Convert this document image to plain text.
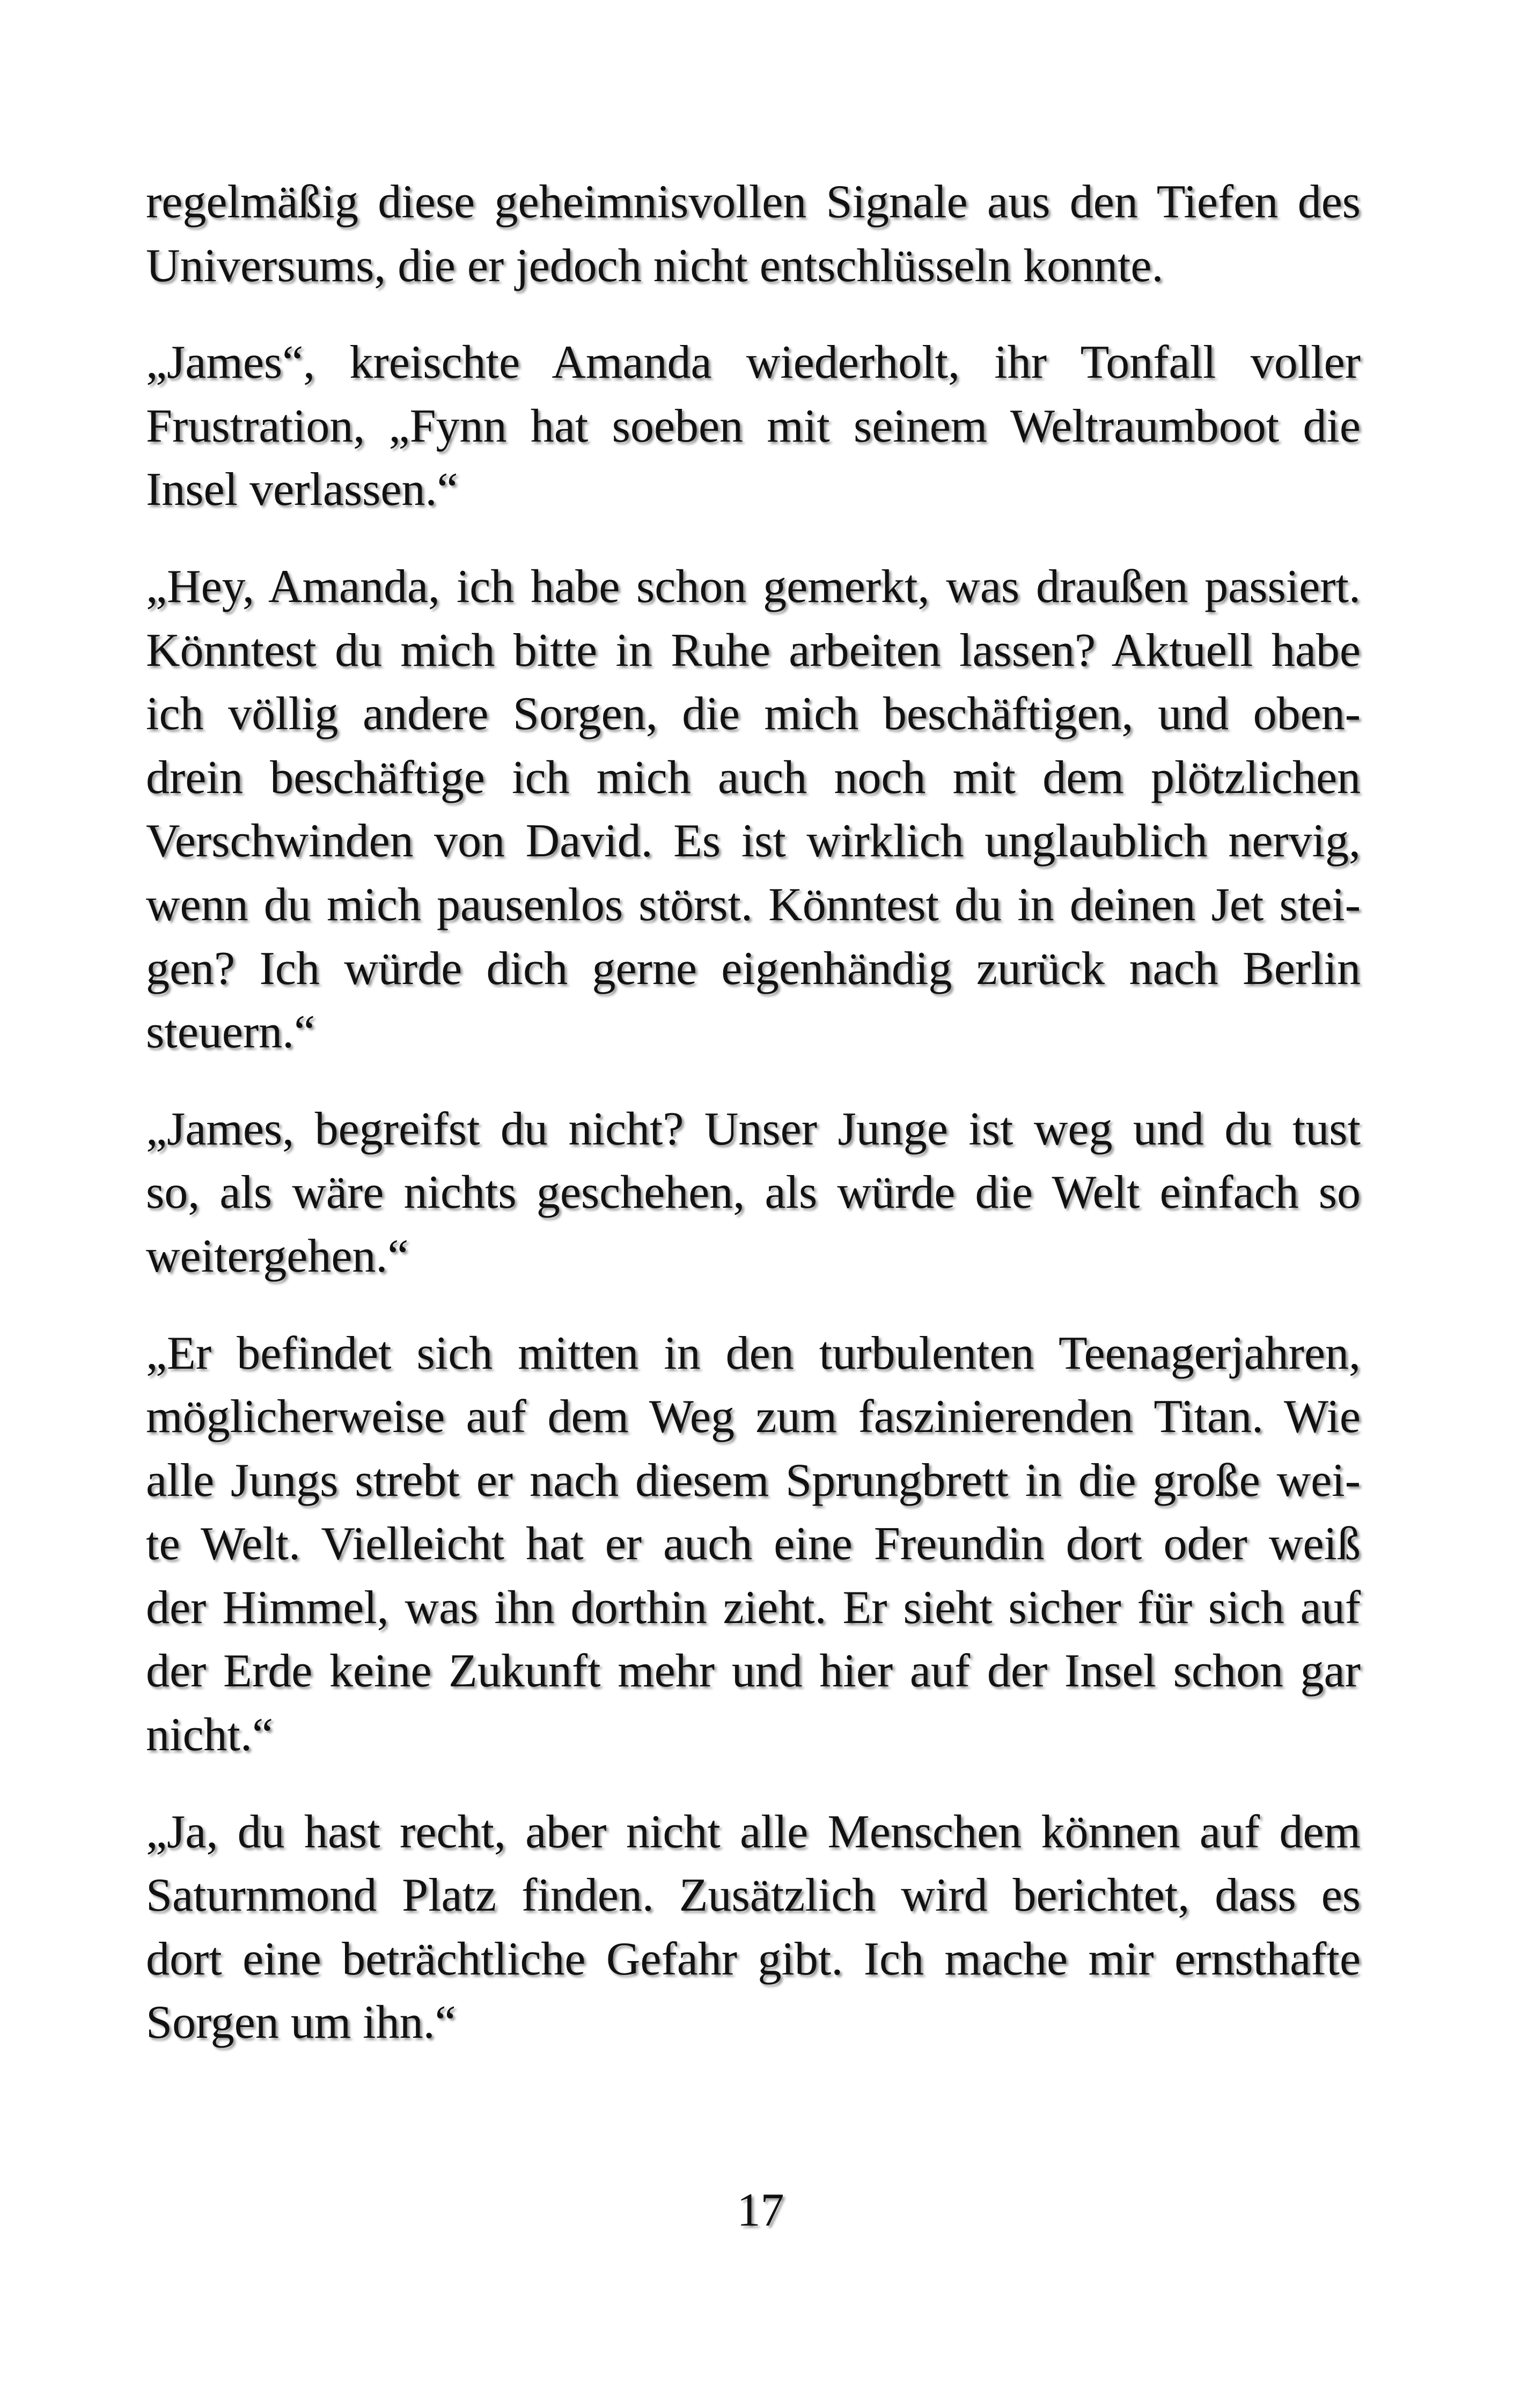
regelmäßig diese geheimnisvollen Signale aus den Tiefen des
Universums, die er jedoch nicht entschlüsseln konnte.
„James“, kreischte Amanda wiederholt, ihr Tonfall voller
Frustration, „Fynn hat soeben mit seinem Weltraumboot die
Insel verlassen.“
„Hey, Amanda, ich habe schon gemerkt, was draußen passiert.
Könntest du mich bitte in Ruhe arbeiten lassen? Aktuell habe
ich völlig andere Sorgen, die mich beschäftigen, und oben-
drein beschäftige ich mich auch noch mit dem plötzlichen
Verschwinden von David. Es ist wirklich unglaublich nervig,
wenn du mich pausenlos störst. Könntest du in deinen Jet stei-
gen? Ich würde dich gerne eigenhändig zurück nach Berlin
steuern.“
„James, begreifst du nicht? Unser Junge ist weg und du tust
so, als wäre nichts geschehen, als würde die Welt einfach so
weitergehen.“
„Er befindet sich mitten in den turbulenten Teenagerjahren,
möglicherweise auf dem Weg zum faszinierenden Titan. Wie
alle Jungs strebt er nach diesem Sprungbrett in die große wei-
te Welt. Vielleicht hat er auch eine Freundin dort oder weiß
der Himmel, was ihn dorthin zieht. Er sieht sicher für sich auf
der Erde keine Zukunft mehr und hier auf der Insel schon gar
nicht.“
„Ja, du hast recht, aber nicht alle Menschen können auf dem
Saturnmond Platz finden. Zusätzlich wird berichtet, dass es
dort eine beträchtliche Gefahr gibt. Ich mache mir ernsthafte
Sorgen um ihn.“
17
